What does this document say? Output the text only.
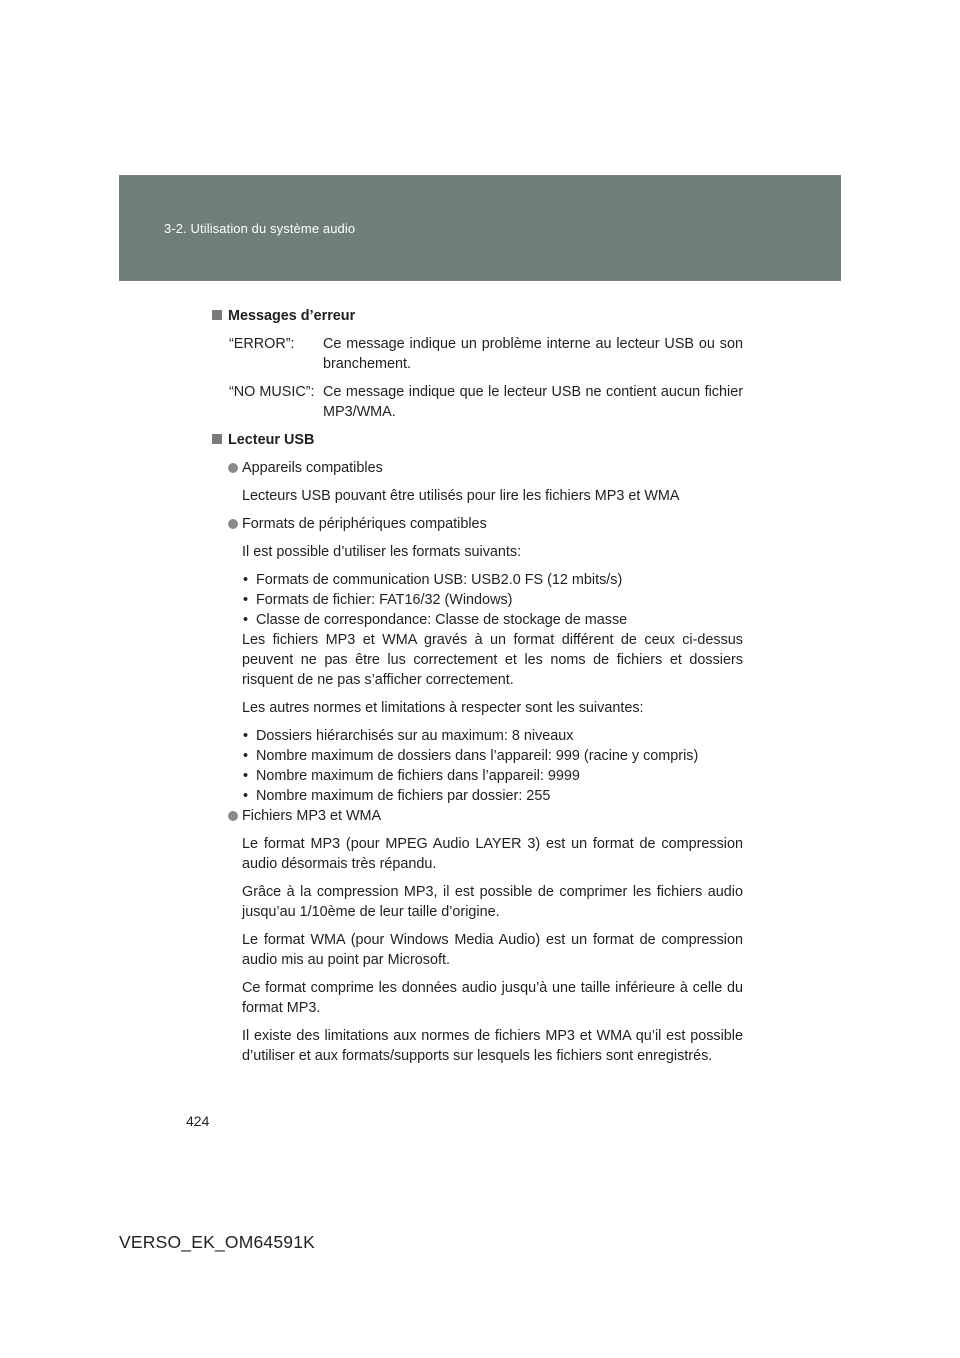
3-2. Utilisation du système audio
Messages d’erreur
“ERROR”:	Ce message indique un problème interne au lecteur USB ou son branchement.
“NO MUSIC”: Ce message indique que le lecteur USB ne contient aucun fichier MP3/WMA.
Lecteur USB
Appareils compatibles
Lecteurs USB pouvant être utilisés pour lire les fichiers MP3 et WMA
Formats de périphériques compatibles
Il est possible d’utiliser les formats suivants:
• Formats de communication USB: USB2.0 FS (12 mbits/s)
• Formats de fichier: FAT16/32 (Windows)
• Classe de correspondance: Classe de stockage de masse
Les fichiers MP3 et WMA gravés à un format différent de ceux ci-dessus peuvent ne pas être lus correctement et les noms de fichiers et dossiers risquent de ne pas s’afficher correctement.
Les autres normes et limitations à respecter sont les suivantes:
• Dossiers hiérarchisés sur au maximum: 8 niveaux
• Nombre maximum de dossiers dans l’appareil: 999 (racine y compris)
• Nombre maximum de fichiers dans l’appareil: 9999
• Nombre maximum de fichiers par dossier: 255
Fichiers MP3 et WMA
Le format MP3 (pour MPEG Audio LAYER 3) est un format de compression audio désormais très répandu.
Grâce à la compression MP3, il est possible de comprimer les fichiers audio jusqu’au 1/10ème de leur taille d’origine.
Le format WMA (pour Windows Media Audio) est un format de compression audio mis au point par Microsoft.
Ce format comprime les données audio jusqu’à une taille inférieure à celle du format MP3.
Il existe des limitations aux normes de fichiers MP3 et WMA qu’il est possible d’utiliser et aux formats/supports sur lesquels les fichiers sont enregistrés.
424
VERSO_EK_OM64591K
